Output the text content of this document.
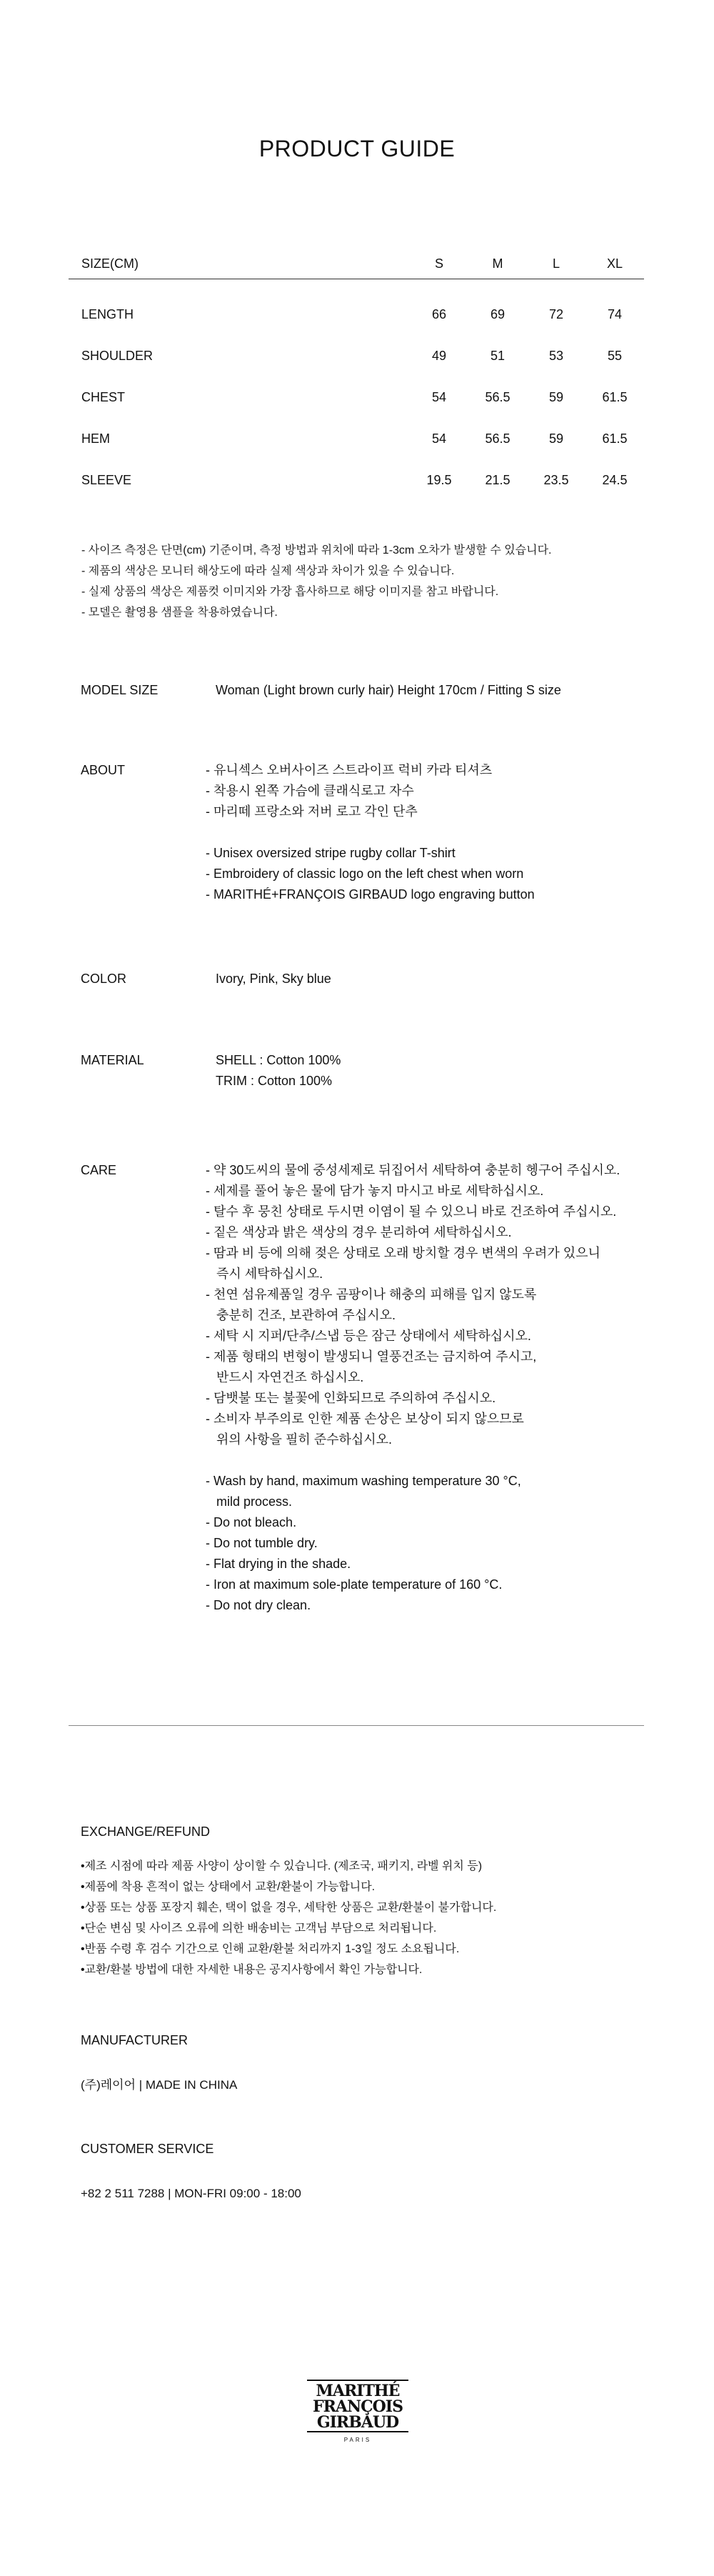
PRODUCT GUIDE
SIZE(CM)	S	M	L	XL
LENGTH	66	69	72	74
SHOULDER	49	51	53	55
CHEST	54	56.5	59	61.5
HEM	54	56.5	59	61.5
SLEEVE	19.5	21.5	23.5	24.5
- 사이즈 측정은 단면(cm) 기준이며, 측정 방법과 위치에 따라 1-3cm 오차가 발생할 수 있습니다.
- 제품의 색상은 모니터 해상도에 따라 실제 색상과 차이가 있을 수 있습니다.
- 실제 상품의 색상은 제품컷 이미지와 가장 흡사하므로 해당 이미지를 참고 바랍니다.
- 모델은 촬영용 샘플을 착용하였습니다.
MODEL SIZE	Woman (Light brown curly hair) Height 170cm / Fitting S size
ABOUT	- 유니섹스 오버사이즈 스트라이프 럭비 카라 티셔츠
- 착용시 왼쪽 가슴에 클래식로고 자수
- 마리떼 프랑소와 저버 로고 각인 단추

- Unisex oversized stripe rugby collar T-shirt
- Embroidery of classic logo on the left chest when worn
- MARITHÉ+FRANÇOIS GIRBAUD logo engraving button
COLOR	Ivory, Pink, Sky blue
MATERIAL	SHELL : Cotton 100%
TRIM : Cotton 100%
CARE	- 약 30도씨의 물에 중성세제로 뒤집어서 세탁하여 충분히 헹구어 주십시오.
- 세제를 풀어 놓은 물에 담가 놓지 마시고 바로 세탁하십시오.
- 탈수 후 뭉친 상태로 두시면 이염이 될 수 있으니 바로 건조하여 주십시오.
- 짙은 색상과 밝은 색상의 경우 분리하여 세탁하십시오.
- 땀과 비 등에 의해 젖은 상태로 오래 방치할 경우 변색의 우려가 있으니
즉시 세탁하십시오.
- 천연 섬유제품일 경우 곰팡이나 해충의 피해를 입지 않도록
충분히 건조, 보관하여 주십시오.
- 세탁 시 지퍼/단추/스냅 등은 잠근 상태에서 세탁하십시오.
- 제품 형태의 변형이 발생되니 열풍건조는 금지하여 주시고,
반드시 자연건조 하십시오.
- 담뱃불 또는 불꽃에 인화되므로 주의하여 주십시오.
- 소비자 부주의로 인한 제품 손상은 보상이 되지 않으므로
위의 사항을 필히 준수하십시오.

- Wash by hand, maximum washing temperature 30 °C,
mild process.
- Do not bleach.
- Do not tumble dry.
- Flat drying in the shade.
- Iron at maximum sole-plate temperature of 160 °C.
- Do not dry clean.
EXCHANGE/REFUND
•제조 시점에 따라 제품 사양이 상이할 수 있습니다. (제조국, 패키지, 라벨 위치 등)
•제품에 착용 흔적이 없는 상태에서 교환/환불이 가능합니다.
•상품 또는 상품 포장지 훼손, 택이 없을 경우, 세탁한 상품은 교환/환불이 불가합니다.
•단순 변심 및 사이즈 오류에 의한 배송비는 고객님 부담으로 처리됩니다.
•반품 수령 후 검수 기간으로 인해 교환/환불 처리까지 1-3일 정도 소요됩니다.
•교환/환불 방법에 대한 자세한 내용은 공지사항에서 확인 가능합니다.
MANUFACTURER
(주)레이어 | MADE IN CHINA
CUSTOMER SERVICE
+82 2 511 7288 | MON-FRI 09:00 - 18:00
MARITHÉ
FRANÇOIS
GIRBAUD
PARIS
